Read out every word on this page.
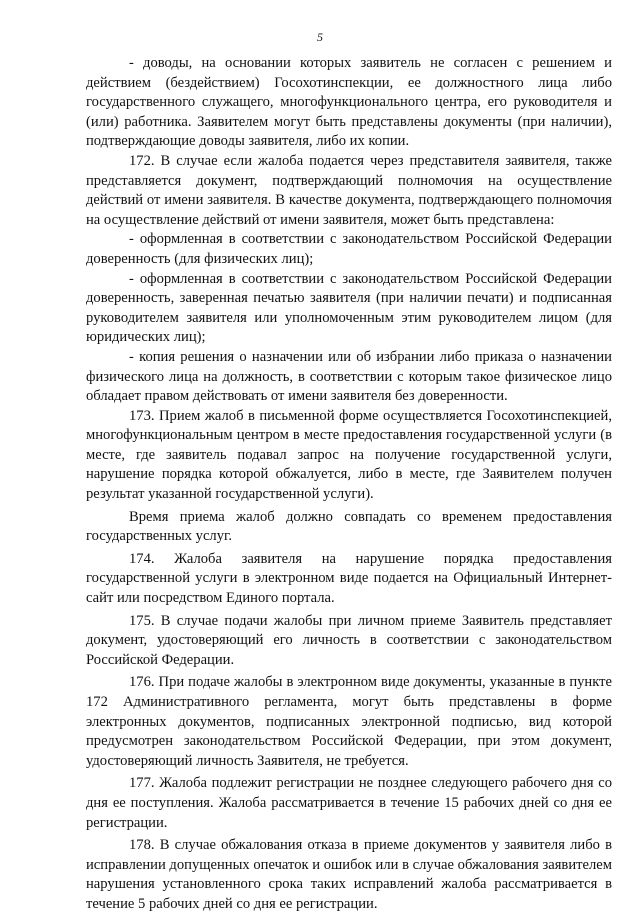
5

- доводы, на основании которых заявитель не согласен с решением и действием (бездействием) Госохотинспекции, ее должностного лица либо государственного служащего, многофункционального центра, его руководителя и (или) работника. Заявителем могут быть представлены документы (при наличии), подтверждающие доводы заявителя, либо их копии.

172. В случае если жалоба подается через представителя заявителя, также представляется документ, подтверждающий полномочия на осуществление действий от имени заявителя. В качестве документа, подтверждающего полномочия на осуществление действий от имени заявителя, может быть представлена:

- оформленная в соответствии с законодательством Российской Федерации доверенность (для физических лиц);

- оформленная в соответствии с законодательством Российской Федерации доверенность, заверенная печатью заявителя (при наличии печати) и подписанная руководителем заявителя или уполномоченным этим руководителем лицом (для юридических лиц);

- копия решения о назначении или об избрании либо приказа о назначении физического лица на должность, в соответствии с которым такое физическое лицо обладает правом действовать от имени заявителя без доверенности.

173. Прием жалоб в письменной форме осуществляется Госохотинспекцией, многофункциональным центром в месте предоставления государственной услуги (в месте, где заявитель подавал запрос на получение государственной услуги, нарушение порядка которой обжалуется, либо в месте, где Заявителем получен результат указанной государственной услуги).

Время приема жалоб должно совпадать со временем предоставления государственных услуг.

174. Жалоба заявителя на нарушение порядка предоставления государственной услуги в электронном виде подается на Официальный Интернет-сайт или посредством Единого портала.

175. В случае подачи жалобы при личном приеме Заявитель представляет документ, удостоверяющий его личность в соответствии с законодательством Российской Федерации.

176. При подаче жалобы в электронном виде документы, указанные в пункте 172 Административного регламента, могут быть представлены в форме электронных документов, подписанных электронной подписью, вид которой предусмотрен законодательством Российской Федерации, при этом документ, удостоверяющий личность Заявителя, не требуется.

177. Жалоба подлежит регистрации не позднее следующего рабочего дня со дня ее поступления. Жалоба рассматривается в течение 15 рабочих дней со дня ее регистрации.

178. В случае обжалования отказа в приеме документов у заявителя либо в исправлении допущенных опечаток и ошибок или в случае обжалования заявителем нарушения установленного срока таких исправлений жалоба рассматривается в течение 5 рабочих дней со дня ее регистрации.
